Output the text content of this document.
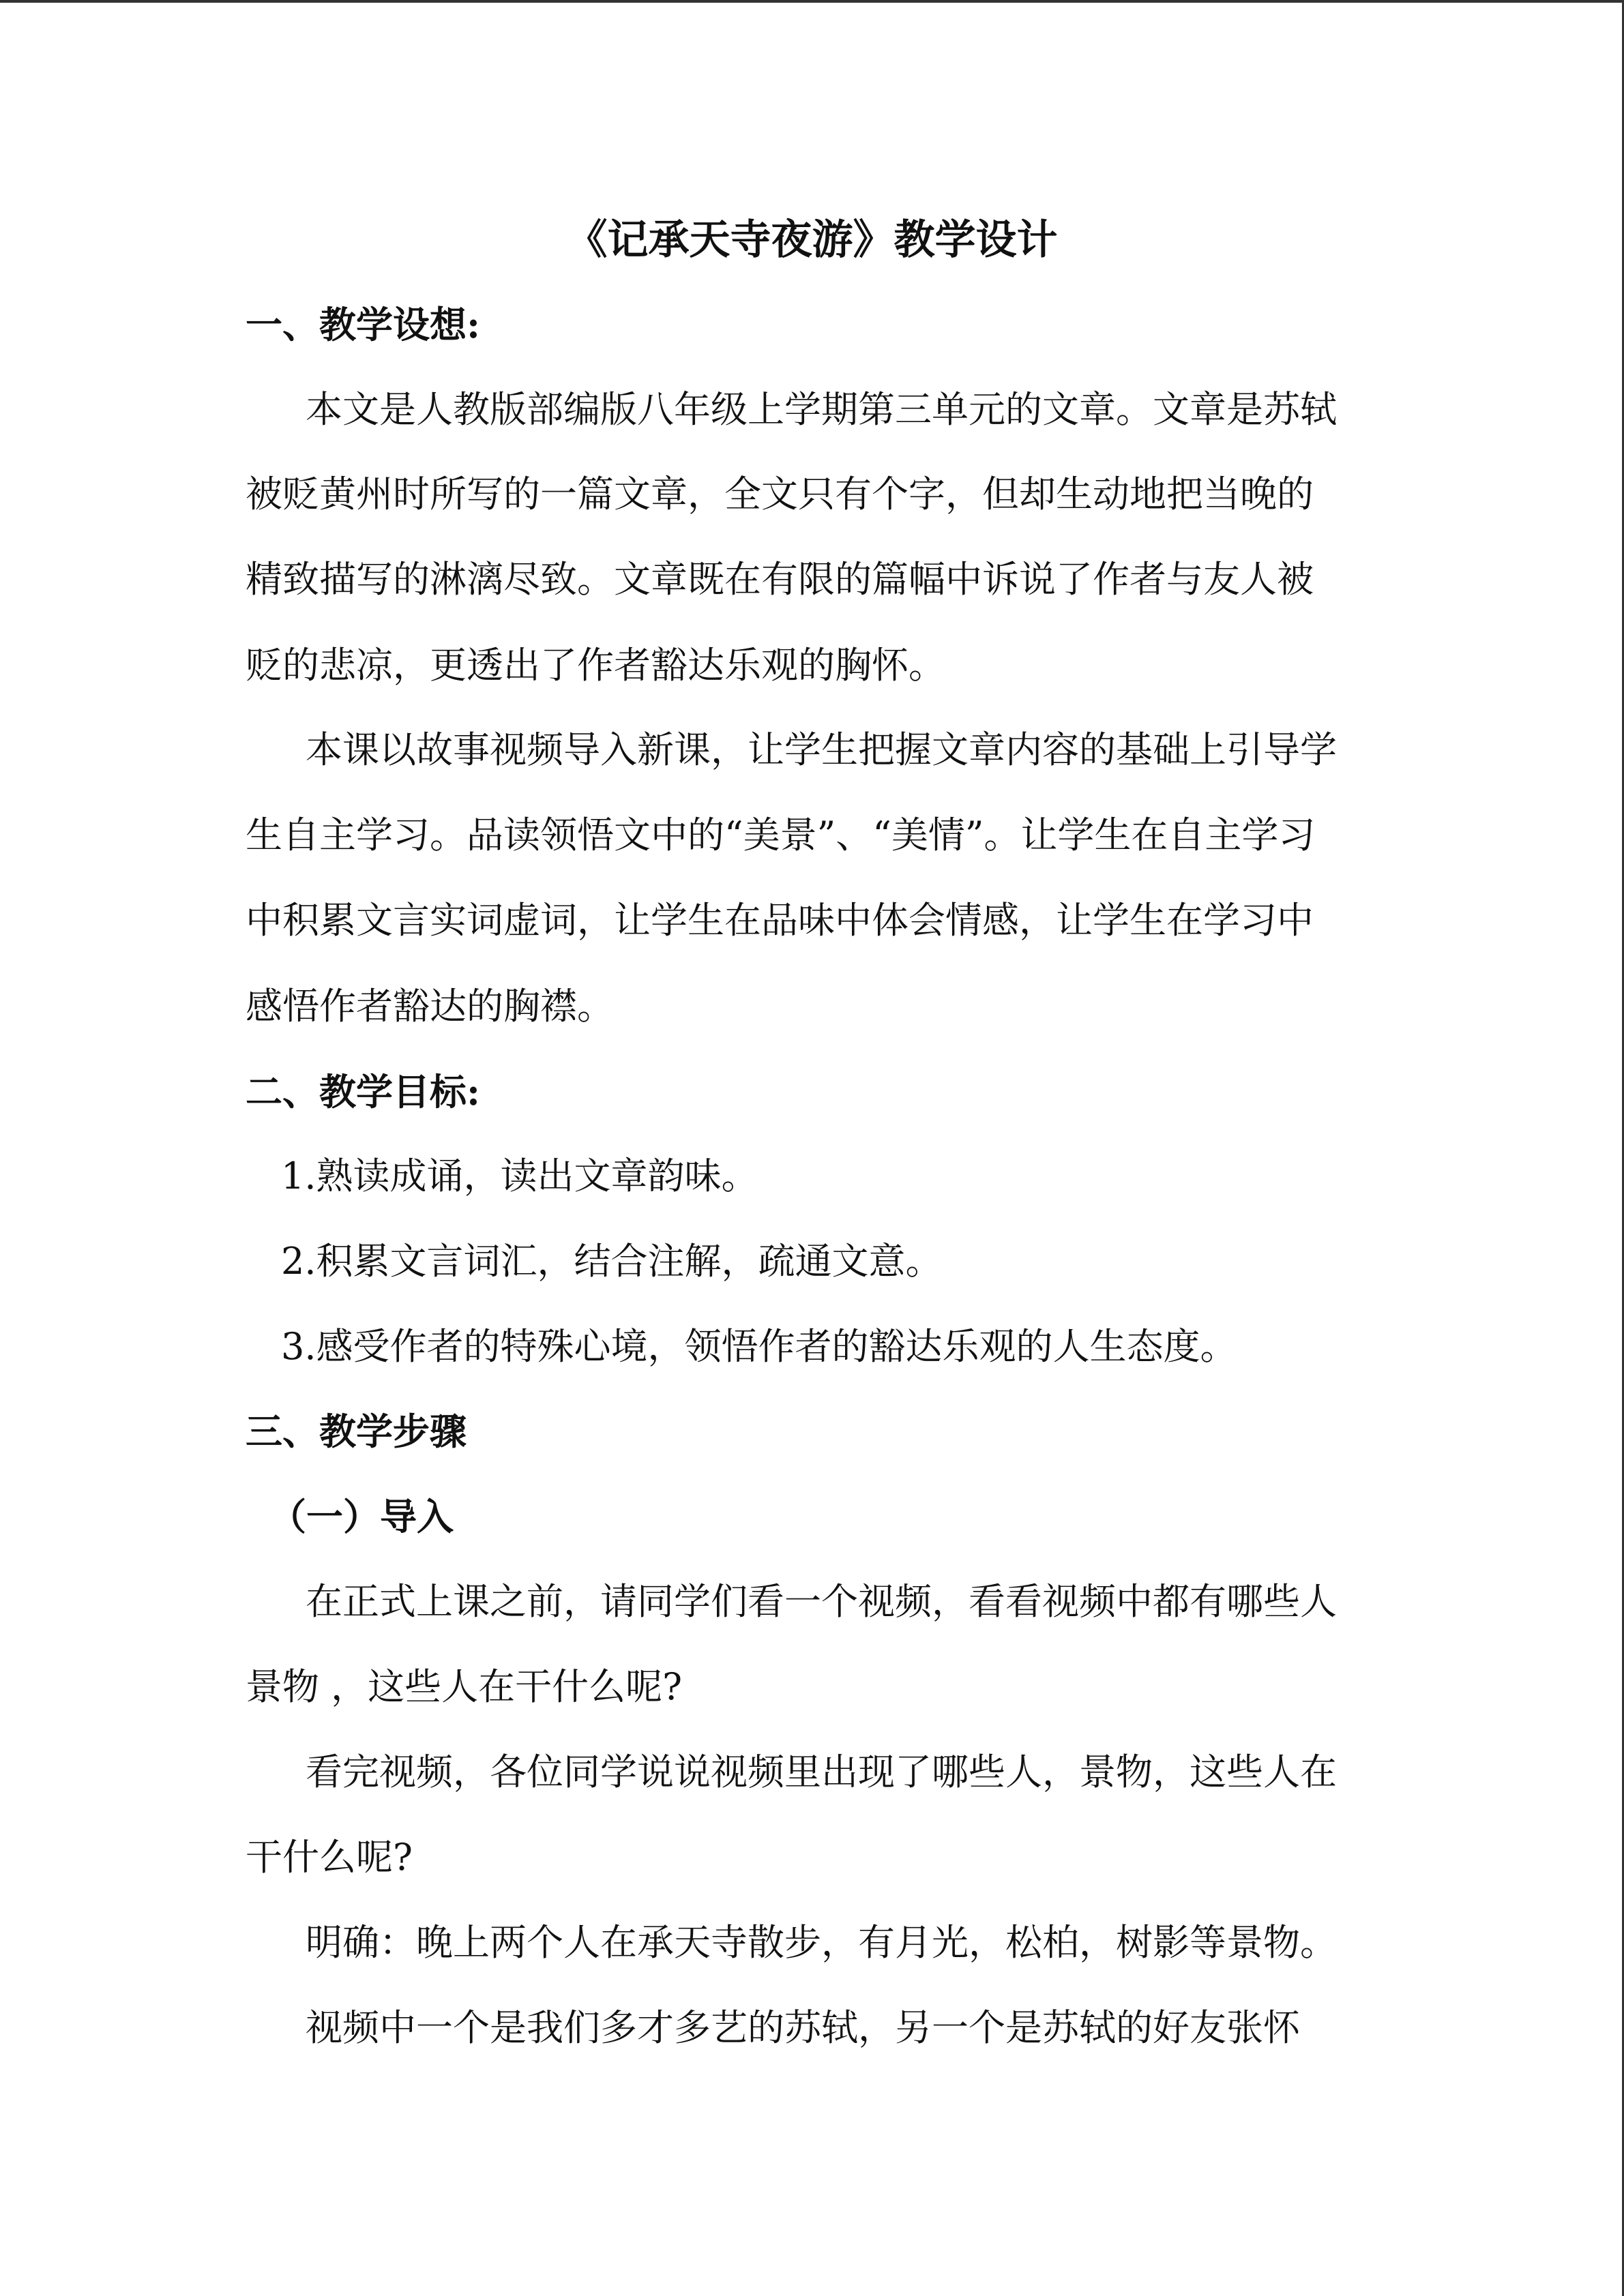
《记承天寺夜游》教学设计
一、教学设想:
本文是人教版部编版八年级上学期第三单元的文章。文章是苏轼
被贬黄州时所写的一篇文章，全文只有个字，但却生动地把当晚的
精致描写的淋漓尽致。文章既在有限的篇幅中诉说了作者与友人被
贬的悲凉，更透出了作者豁达乐观的胸怀。
本课以故事视频导入新课，让学生把握文章内容的基础上引导学
生自主学习。品读领悟文中的“美景”、“美情”。让学生在自主学习
中积累文言实词虚词，让学生在品味中体会情感，让学生在学习中
感悟作者豁达的胸襟。
二、教学目标:
1.熟读成诵，读出文章韵味。
2.积累文言词汇，结合注解，疏通文意。
3.感受作者的特殊心境，领悟作者的豁达乐观的人生态度。
三、教学步骤
（一）导入
在正式上课之前，请同学们看一个视频，看看视频中都有哪些人
景物 ，这些人在干什么呢?
看完视频，各位同学说说视频里出现了哪些人，景物，这些人在
干什么呢?
明确：晚上两个人在承天寺散步，有月光，松柏，树影等景物。
视频中一个是我们多才多艺的苏轼，另一个是苏轼的好友张怀
